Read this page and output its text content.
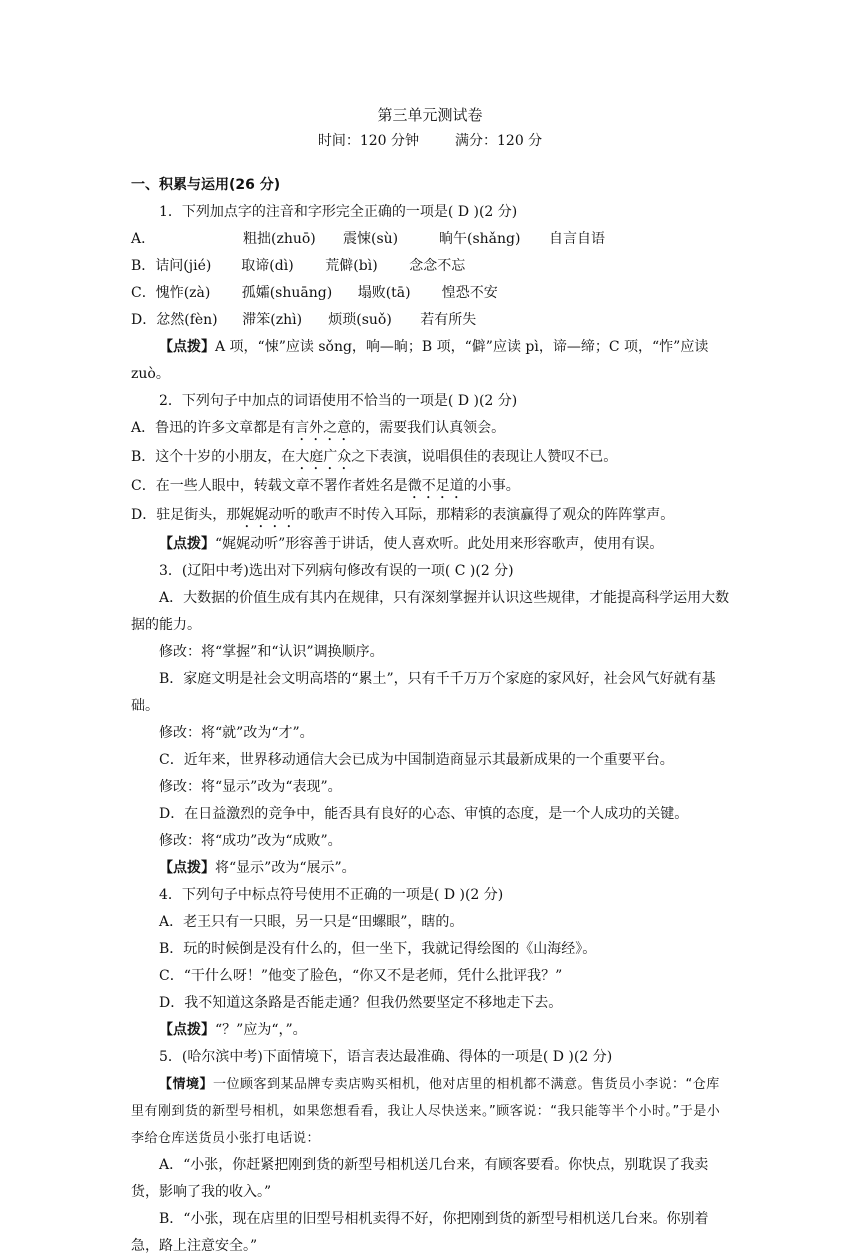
第三单元测试卷
时间：120 分钟	满分：120 分

一、积累与运用(26 分)

1．下列加点字的注音和字形完全正确的一项是( D )(2 分)

A．	粗拙(zhuō)	震悚(sù)	晌午(shǎng)	自言自语
B． 诘问(jié)	取谛(dì)	荒僻(bì)	念念不忘
C． 愧怍(zà)	孤孀(shuāng)	塌败(tā)	惶恐不安
D． 忿然(fèn)	滞笨(zhì)	烦琐(suǒ)	若有所失

【点拨】A 项，“悚”应读 sǒng，响—晌；B 项，“僻”应读 pì，谛—缔；C 项，“怍”应读 zuò。

2．下列句子中加点的词语使用不恰当的一项是( D )(2 分)

A．鲁迅的许多文章都是有言外之意的，需要我们认真领会。

B．这个十岁的小朋友，在大庭广众之下表演，说唱俱佳的表现让人赞叹不已。

C．在一些人眼中，转载文章不署作者姓名是微不足道的小事。

D．驻足街头，那娓娓动听的歌声不时传入耳际，那精彩的表演赢得了观众的阵阵掌声。

【点拨】“娓娓动听”形容善于讲话，使人喜欢听。此处用来形容歌声，使用有误。

3．(辽阳中考)选出对下列病句修改有误的一项( C )(2 分)

A．大数据的价值生成有其内在规律，只有深刻掌握并认识这些规律，才能提高科学运用大数据的能力。

修改：将“掌握”和“认识”调换顺序。

B．家庭文明是社会文明高塔的“累土”，只有千千万万个家庭的家风好，社会风气好就有基础。

修改：将“就”改为“才”。

C．近年来，世界移动通信大会已成为中国制造商显示其最新成果的一个重要平台。

修改：将“显示”改为“表现”。

D．在日益激烈的竞争中，能否具有良好的心态、审慎的态度，是一个人成功的关键。

修改：将“成功”改为“成败”。

【点拨】将“显示”改为“展示”。

4．下列句子中标点符号使用不正确的一项是( D )(2 分)

A．老王只有一只眼，另一只是“田螺眼”，瞎的。

B．玩的时候倒是没有什么的，但一坐下，我就记得绘图的《山海经》。

C．“干什么呀！”他变了脸色，“你又不是老师，凭什么批评我？”

D．我不知道这条路是否能走通？但我仍然要坚定不移地走下去。

【点拨】“？”应为“，”。

5．(哈尔滨中考)下面情境下，语言表达最准确、得体的一项是( D )(2 分)

【情境】一位顾客到某品牌专卖店购买相机，他对店里的相机都不满意。售货员小李说：“仓库里有刚到货的新型号相机，如果您想看看，我让人尽快送来。”顾客说：“我只能等半个小时。”于是小李给仓库送货员小张打电话说：

A．“小张，你赶紧把刚到货的新型号相机送几台来，有顾客要看。你快点，别耽误了我卖货，影响了我的收入。”

B．“小张，现在店里的旧型号相机卖得不好，你把刚到货的新型号相机送几台来。你别着急，路上注意安全。”
